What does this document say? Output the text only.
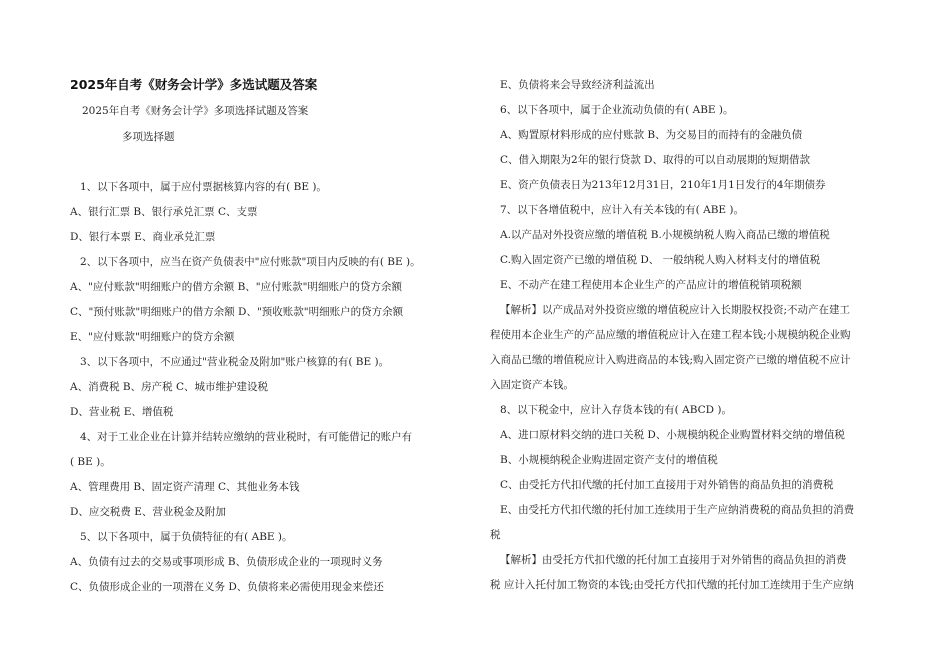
2025年自考《财务会计学》多选试题及答案
2025年自考《财务会计学》多项选择试题及答案
多项选择题
1、以下各项中，属于应付票据核算内容的有( BE )。
A、银行汇票 B、银行承兑汇票 C、支票
D、银行本票 E、商业承兑汇票
2、以下各项中，应当在资产负债表中"应付账款"项目内反映的有( BE )。
A、"应付账款"明细账户的借方余额 B、"应付账款"明细账户的贷方余额
C、"预付账款"明细账户的借方余额 D、"预收账款"明细账户的贷方余额
E、"应付账款"明细账户的贷方余额
3、以下各项中，不应通过"营业税金及附加"账户核算的有( BE )。
A、消费税 B、房产税 C、城市维护建设税
D、营业税 E、增值税
4、对于工业企业在计算并结转应缴纳的营业税时，有可能借记的账户有
( BE )。
A、管理费用 B、固定资产清理 C、其他业务本钱
D、应交税费 E、营业税金及附加
5、以下各项中，属于负债特征的有( ABE )。
A、负债有过去的交易或事项形成 B、负债形成企业的一项现时义务
C、负债形成企业的一项潜在义务 D、负债将来必需使用现金来偿还
E、负债将来会导致经济利益流出
6、以下各项中，属于企业流动负债的有( ABE )。
A、购置原材料形成的应付账款 B、为交易目的而持有的金融负债
C、借入期限为2年的银行贷款 D、取得的可以自动展期的短期借款
E、资产负债表日为213年12月31日，210年1月1日发行的4年期债券
7、以下各增值税中，应计入有关本钱的有( ABE )。
A.以产品对外投资应缴的增值税 B.小规模纳税人购入商品已缴的增值税
C.购入固定资产已缴的增值税 D、 一般纳税人购入材料支付的增值税
E、不动产在建工程使用本企业生产的产品应计的增值税销项税额
【解析】以产成品对外投资应缴的增值税应计入长期股权投资;不动产在建工
程使用本企业生产的产品应缴的增值税应计入在建工程本钱;小规模纳税企业购
入商品已缴的增值税应计入购进商品的本钱;购入固定资产已缴的增值税不应计
入固定资产本钱。
8、以下税金中，应计入存货本钱的有( ABCD )。
A、进口原材料交纳的进口关税 D、小规模纳税企业购置材料交纳的增值税
B、小规模纳税企业购进固定资产支付的增值税
C、由受托方代扣代缴的托付加工直接用于对外销售的商品负担的消费税
E、由受托方代扣代缴的托付加工连续用于生产应纳消费税的商品负担的消费
税
【解析】由受托方代扣代缴的托付加工直接用于对外销售的商品负担的消费
税 应计入托付加工物资的本钱;由受托方代扣代缴的托付加工连续用于生产应纳
